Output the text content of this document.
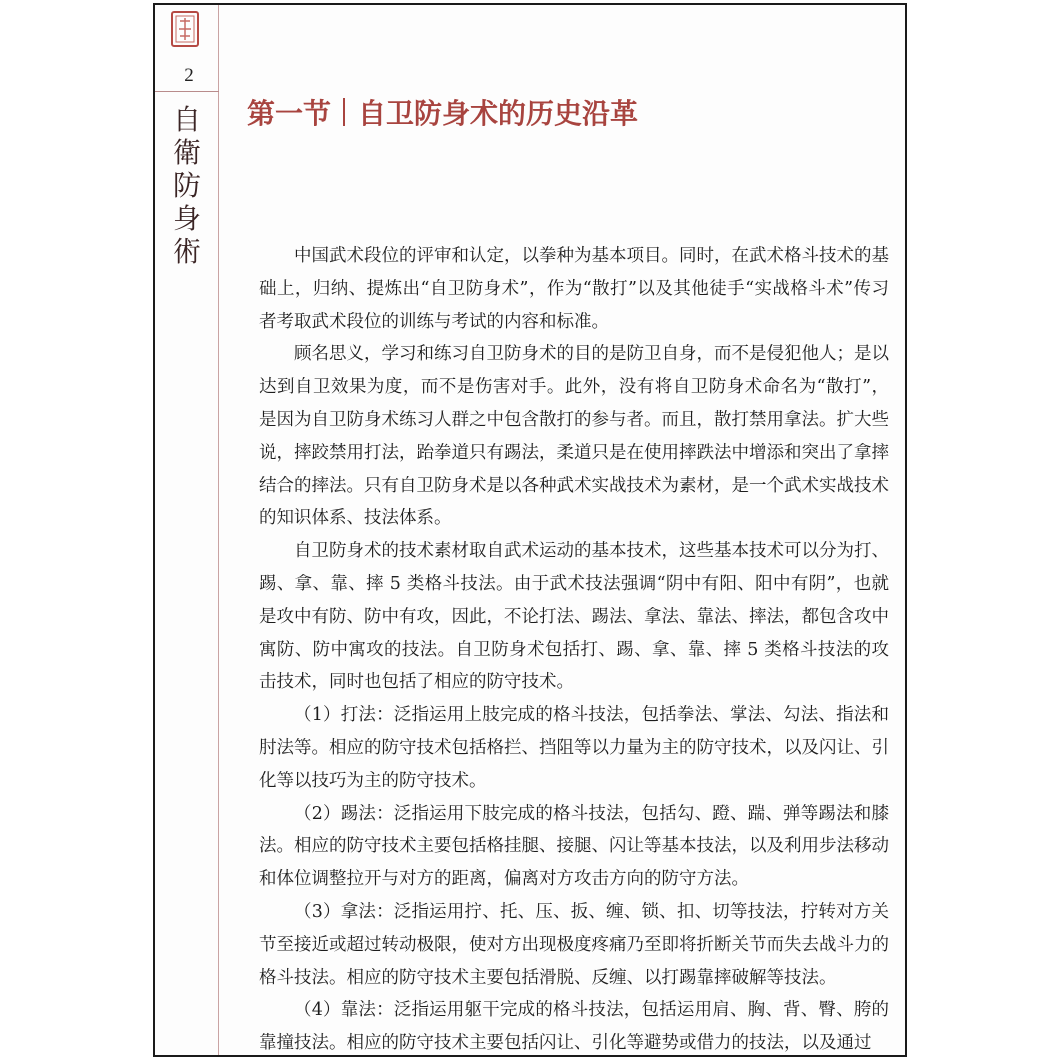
2
自衛防身術
第一节 自卫防身术的历史沿革

中国武术段位的评审和认定，以拳种为基本项目。同时，在武术格斗技术的基础上，归纳、提炼出“自卫防身术”，作为“散打”以及其他徒手“实战格斗术”传习者考取武术段位的训练与考试的内容和标准。

顾名思义，学习和练习自卫防身术的目的是防卫自身，而不是侵犯他人；是以达到自卫效果为度，而不是伤害对手。此外，没有将自卫防身术命名为“散打”，是因为自卫防身术练习人群之中包含散打的参与者。而且，散打禁用拿法。扩大些说，摔跤禁用打法，跆拳道只有踢法，柔道只是在使用摔跌法中增添和突出了拿摔结合的摔法。只有自卫防身术是以各种武术实战技术为素材，是一个武术实战技术的知识体系、技法体系。

自卫防身术的技术素材取自武术运动的基本技术，这些基本技术可以分为打、踢、拿、靠、摔 5 类格斗技法。由于武术技法强调“阴中有阳、阳中有阴”，也就是攻中有防、防中有攻，因此，不论打法、踢法、拿法、靠法、摔法，都包含攻中寓防、防中寓攻的技法。自卫防身术包括打、踢、拿、靠、摔 5 类格斗技法的攻击技术，同时也包括了相应的防守技术。

（1）打法：泛指运用上肢完成的格斗技法，包括拳法、掌法、勾法、指法和肘法等。相应的防守技术包括格拦、挡阻等以力量为主的防守技术，以及闪让、引化等以技巧为主的防守技术。

（2）踢法：泛指运用下肢完成的格斗技法，包括勾、蹬、踹、弹等踢法和膝法。相应的防守技术主要包括格挂腿、接腿、闪让等基本技法，以及利用步法移动和体位调整拉开与对方的距离，偏离对方攻击方向的防守方法。

（3）拿法：泛指运用拧、托、压、扳、缠、锁、扣、切等技法，拧转对方关节至接近或超过转动极限，使对方出现极度疼痛乃至即将折断关节而失去战斗力的格斗技法。相应的防守技术主要包括滑脱、反缠、以打踢靠摔破解等技法。

（4）靠法：泛指运用躯干完成的格斗技法，包括运用肩、胸、背、臀、胯的靠撞技法。相应的防守技术主要包括闪让、引化等避势或借力的技法，以及通过
